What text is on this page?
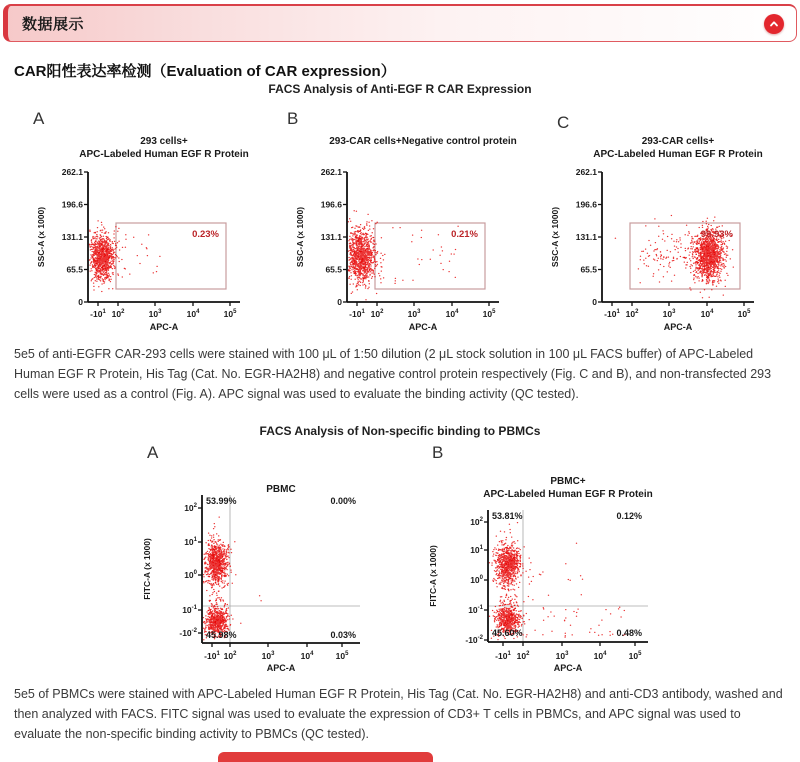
数据展示
CAR阳性表达率检测（Evaluation of CAR expression）
FACS Analysis of Anti-EGF R CAR Expression
A
293 cells+
APC-Labeled Human EGF R Protein
262.1
196.6
131.1
65.5
0
$-10^1$ $10^2$	$10^3$	$10^4$	$10^5$
APC-A
SSC-A (x 1000)	0.23%
B
293-CAR cells+Negative control protein
262.1
196.6
131.1
65.5
0
$-10^1$ $10^2$	$10^3$	$10^4$	$10^5$
APC-A
SSC-A (x 1000)	0.21%
C
293-CAR cells+
APC-Labeled Human EGF R Protein
262.1
196.6
131.1
65.5
0
$-10^1$ $10^2$	$10^3$	$10^4$	$10^5$
APC-A
SSC-A (x 1000)	99.93%

5e5 of anti-EGFR CAR-293 cells were stained with 100 μL of 1:50 dilution (2 μL stock solution in 100 μL FACS buffer) of APC-Labeled Human EGF R Protein, His Tag (Cat. No. EGR-HA2H8) and negative control protein respectively (Fig. C and B), and non-transfected 293 cells were used as a control (Fig. A). APC signal was used to evaluate the binding activity (QC tested).

FACS Analysis of Non-specific binding to PBMCs
A
PBMC
$10^2$
$10^1$
$10^0$
$10^{-1}$
$-10^{-2}$
$-10^1$ $10^2$	$10^3$	$10^4$	$10^5$
APC-A
FITC-A (x 1000)
53.99%	0.00%
45.98%	0.03%
B
PBMC+
APC-Labeled Human EGF R Protein
$10^2$
$10^1$
$10^0$
$10^{-1}$
$-10^{-2}$
$-10^1$ $10^2$	$10^3$	$10^4$	$10^5$
APC-A
FITC-A (x 1000)
53.81%	0.12%
45.60%	0.48%

5e5 of PBMCs were stained with APC-Labeled Human EGF R Protein, His Tag (Cat. No. EGR-HA2H8) and anti-CD3 antibody, washed and then analyzed with FACS. FITC signal was used to evaluate the expression of CD3+ T cells in PBMCs, and APC signal was used to evaluate the non-specific binding activity to PBMCs (QC tested).
